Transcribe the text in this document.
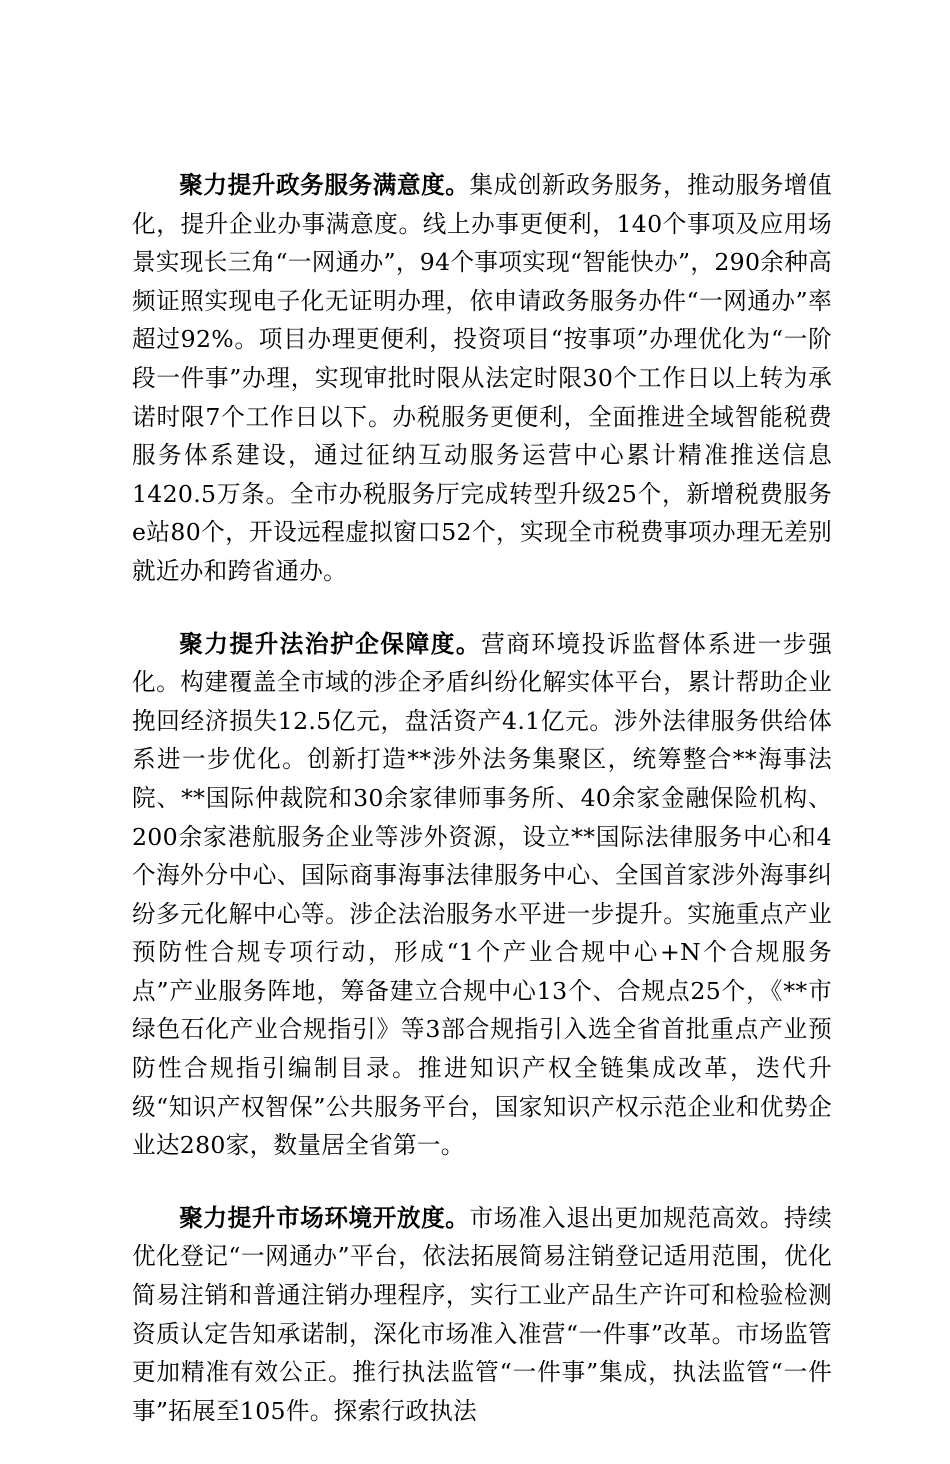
聚力提升政务服务满意度。集成创新政务服务，推动服务增值化，提升企业办事满意度。线上办事更便利，140个事项及应用场景实现长三角“一网通办”，94个事项实现“智能快办”，290余种高频证照实现电子化无证明办理，依申请政务服务办件“一网通办”率超过92%。项目办理更便利，投资项目“按事项”办理优化为“一阶段一件事”办理，实现审批时限从法定时限30个工作日以上转为承诺时限7个工作日以下。办税服务更便利，全面推进全域智能税费服务体系建设，通过征纳互动服务运营中心累计精准推送信息1420.5万条。全市办税服务厅完成转型升级25个，新增税费服务e站80个，开设远程虚拟窗口52个，实现全市税费事项办理无差别就近办和跨省通办。

聚力提升法治护企保障度。营商环境投诉监督体系进一步强化。构建覆盖全市域的涉企矛盾纠纷化解实体平台，累计帮助企业挽回经济损失12.5亿元，盘活资产4.1亿元。涉外法律服务供给体系进一步优化。创新打造**涉外法务集聚区，统筹整合**海事法院、**国际仲裁院和30余家律师事务所、40余家金融保险机构、200余家港航服务企业等涉外资源，设立**国际法律服务中心和4个海外分中心、国际商事海事法律服务中心、全国首家涉外海事纠纷多元化解中心等。涉企法治服务水平进一步提升。实施重点产业预防性合规专项行动，形成“1个产业合规中心+N个合规服务点”产业服务阵地，筹备建立合规中心13个、合规点25个，《**市绿色石化产业合规指引》等3部合规指引入选全省首批重点产业预防性合规指引编制目录。推进知识产权全链集成改革，迭代升级“知识产权智保”公共服务平台，国家知识产权示范企业和优势企业达280家，数量居全省第一。

聚力提升市场环境开放度。市场准入退出更加规范高效。持续优化登记“一网通办”平台，依法拓展简易注销登记适用范围，优化简易注销和普通注销办理程序，实行工业产品生产许可和检验检测资质认定告知承诺制，深化市场准入准营“一件事”改革。市场监管更加精准有效公正。推行执法监管“一件事”集成，执法监管“一件事”拓展至105件。探索行政执法
